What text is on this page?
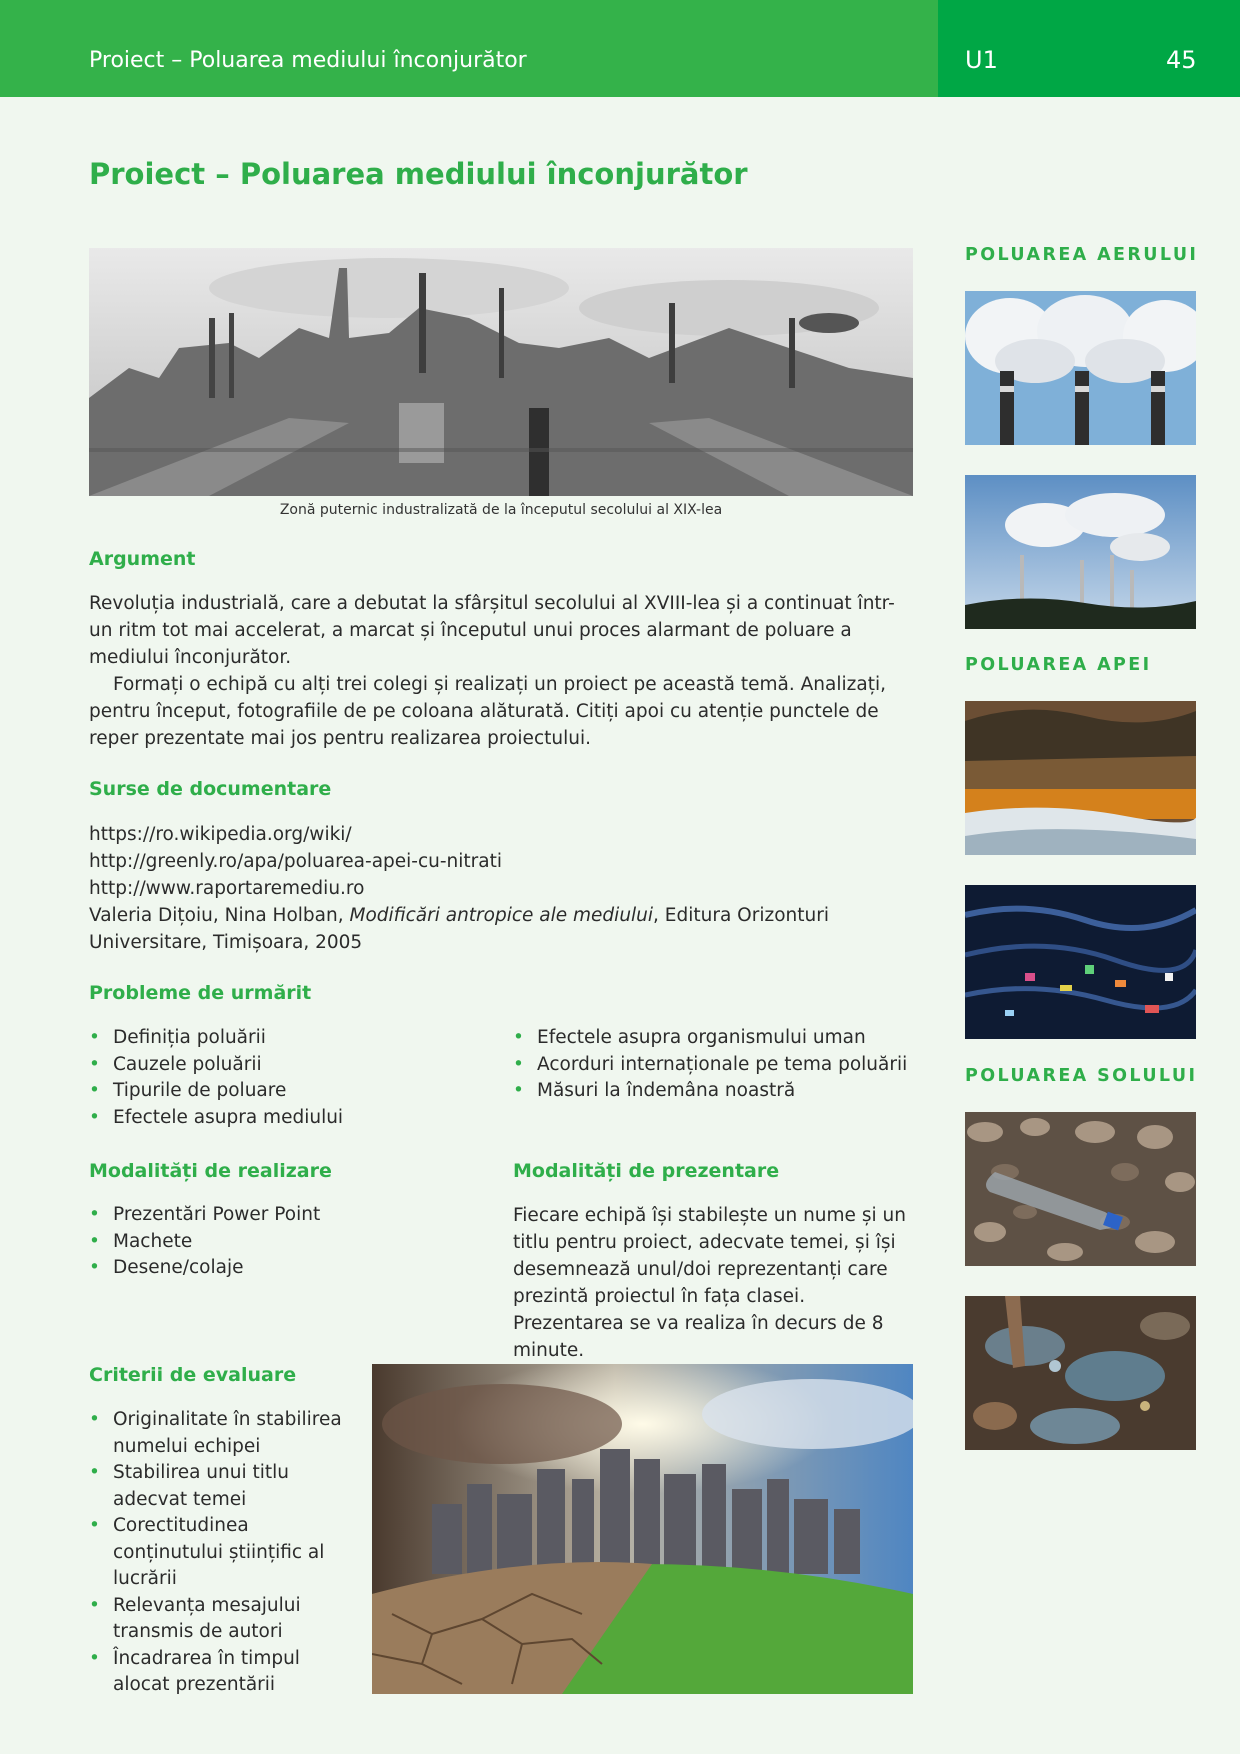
Proiect – Poluarea mediului înconjurător	U1	45
Proiect – Poluarea mediului înconjurător
Zonă puternic industralizată de la începutul secolului al XIX-lea
Argument

Revoluția industrială, care a debutat la sfârșitul secolului al XVIII-lea și a continuat într-un ritm tot mai accelerat, a marcat și începutul unui proces alarmant de poluare a mediului înconjurător.

Formați o echipă cu alți trei colegi și realizați un proiect pe această temă. Analizați, pentru început, fotografiile de pe coloana alăturată. Citiți apoi cu atenție punctele de reper prezentate mai jos pentru realizarea proiectului.

Surse de documentare
https://ro.wikipedia.org/wiki/
http://greenly.ro/apa/poluarea-apei-cu-nitrati
http://www.raportaremediu.ro
Valeria Dițoiu, Nina Holban, Modificări antropice ale mediului, Editura Orizonturi Universitare, Timișoara, 2005
Probleme de urmărit
• Definiția poluării
• Cauzele poluării
• Tipurile de poluare
• Efectele asupra mediului
• Efectele asupra organismului uman
• Acorduri internaționale pe tema poluării
• Măsuri la îndemâna noastră
Modalități de realizare
• Prezentări Power Point
• Machete
• Desene/colaje
Modalități de prezentare
Fiecare echipă își stabilește un nume și un titlu pentru proiect, adecvate temei, și își desemnează unul/doi reprezentanți care prezintă proiectul în fața clasei. Prezentarea se va realiza în decurs de 8 minute.
Criterii de evaluare
• Originalitate în stabilirea numelui echipei
• Stabilirea unui titlu adecvat temei
• Corectitudinea conținutului științific al lucrării
• Relevanța mesajului transmis de autori
• Încadrarea în timpul alocat prezentării
POLUAREA AERULUI
POLUAREA APEI
POLUAREA SOLULUI
